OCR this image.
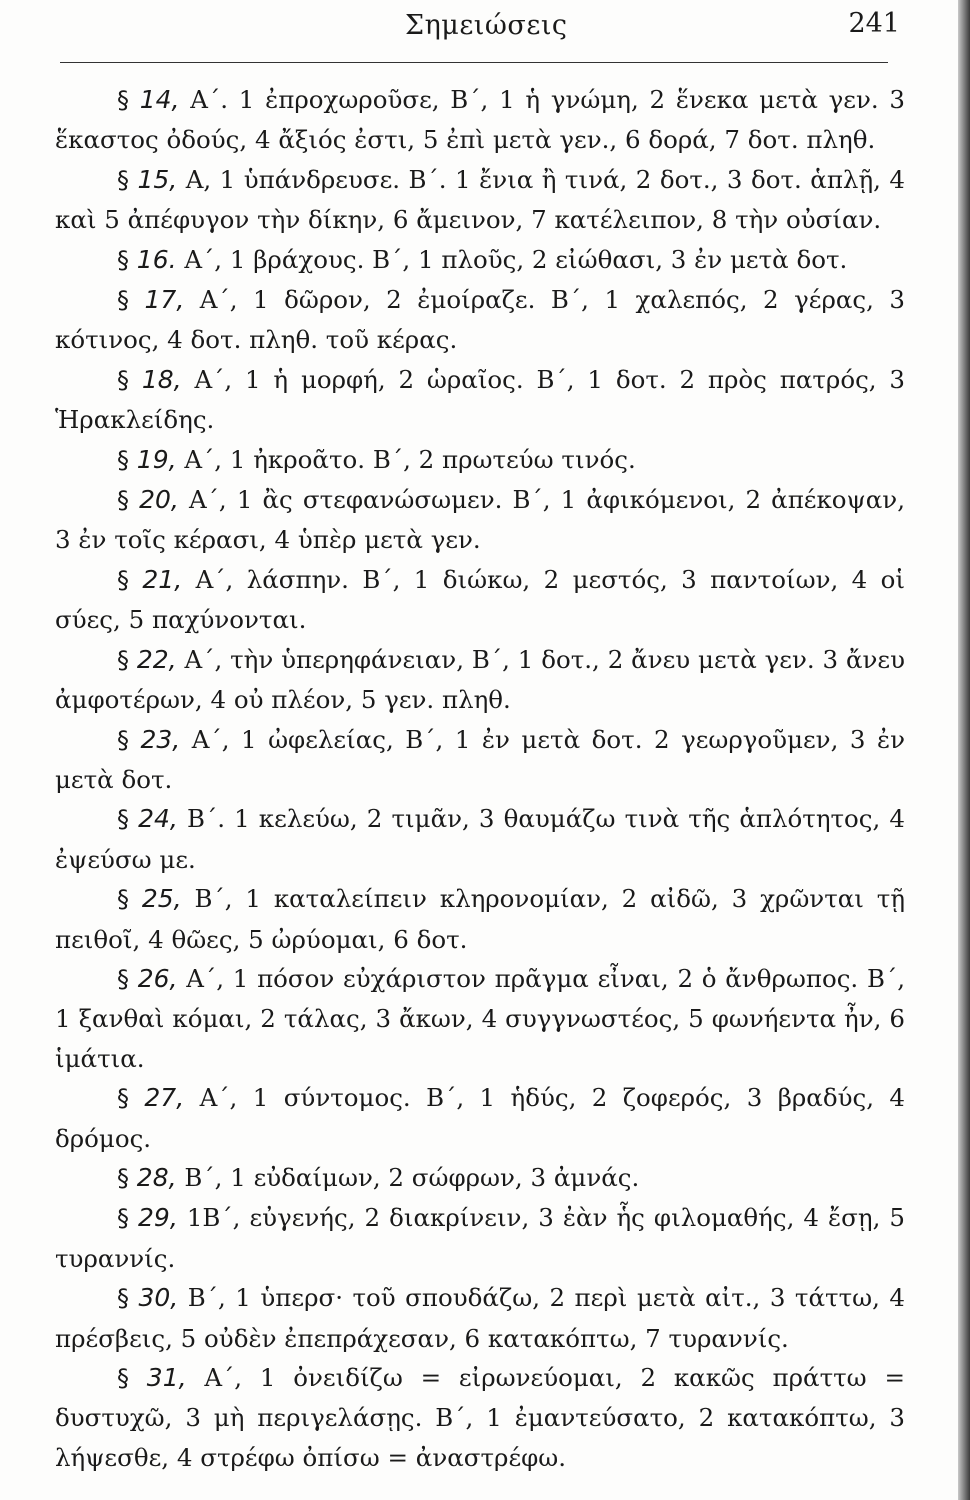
Σημειώσεις	241

§ 14, Α΄. 1 ἐπροχωροῦσε, Β΄, 1 ἡ γνώμη, 2 ἕνεκα μετὰ γεν. 3 ἕκαστος ὀδούς, 4 ἄξιός ἐστι, 5 ἐπὶ μετὰ γεν., 6 δορά, 7 δοτ. πληθ.

§ 15, Α, 1 ὑπάνδρευσε. Β΄. 1 ἔνια ἢ τινά, 2 δοτ., 3 δοτ. ἁπλῇ, 4 καὶ 5 ἀπέφυγον τὴν δίκην, 6 ἄμεινον, 7 κατέλειπον, 8 τὴν οὐσίαν.

§ 16. Α΄, 1 βράχους. Β΄, 1 πλοῦς, 2 εἰώθασι, 3 ἐν μετὰ δοτ.

§ 17, Α΄, 1 δῶρον, 2 ἐμοίραζε. Β΄, 1 χαλεπός, 2 γέρας, 3 κότινος, 4 δοτ. πληθ. τοῦ κέρας.

§ 18, Α΄, 1 ἡ μορφή, 2 ὡραῖος. Β΄, 1 δοτ. 2 πρὸς πατρός, 3 Ἡρακλείδης.

§ 19, Α΄, 1 ἠκροᾶτο. Β΄, 2 πρωτεύω τινός.

§ 20, Α΄, 1 ἂς στεφανώσωμεν. Β΄, 1 ἀφικόμενοι, 2 ἀπέκοψαν, 3 ἐν τοῖς κέρασι, 4 ὑπὲρ μετὰ γεν.

§ 21, Α΄, λάσπην. Β΄, 1 διώκω, 2 μεστός, 3 παντοίων, 4 οἱ σύες, 5 παχύνονται.

§ 22, Α΄, τὴν ὑπερηφάνειαν, Β΄, 1 δοτ., 2 ἄνευ μετὰ γεν. 3 ἄνευ ἀμφοτέρων, 4 οὐ πλέον, 5 γεν. πληθ.

§ 23, Α΄, 1 ὠφελείας, Β΄, 1 ἐν μετὰ δοτ. 2 γεωργοῦμεν, 3 ἐν μετὰ δοτ.

§ 24, Β΄. 1 κελεύω, 2 τιμᾶν, 3 θαυμάζω τινὰ τῆς ἁπλότητος, 4 ἐψεύσω με.

§ 25, Β΄, 1 καταλείπειν κληρονομίαν, 2 αἰδῶ, 3 χρῶνται τῇ πειθοῖ, 4 θῶες, 5 ὠρύομαι, 6 δοτ.

§ 26, Α΄, 1 πόσον εὐχάριστον πρᾶγμα εἶναι, 2 ὁ ἄνθρωπος. Β΄, 1 ξανθαὶ κόμαι, 2 τάλας, 3 ἄκων, 4 συγγνωστέος, 5 φωνήεντα ἦν, 6 ἱμάτια.

§ 27, Α΄, 1 σύντομος. Β΄, 1 ἡδύς, 2 ζοφερός, 3 βραδύς, 4 δρόμος.

§ 28, Β΄, 1 εὐδαίμων, 2 σώφρων, 3 ἀμνάς.

§ 29, 1Β΄, εὐγενής, 2 διακρίνειν, 3 ἐὰν ἧς φιλομαθής, 4 ἔσῃ, 5 τυραννίς.

§ 30, Β΄, 1 ὑπερσ· τοῦ σπουδάζω, 2 περὶ μετὰ αἰτ., 3 τάττω, 4 πρέσβεις, 5 οὐδὲν ἐπεπράχεσαν, 6 κατακόπτω, 7 τυραννίς.

§ 31, Α΄, 1 ὀνειδίζω = εἰρωνεύομαι, 2 κακῶς πράττω = δυστυχῶ, 3 μὴ περιγελάσῃς. Β΄, 1 ἐμαντεύσατο, 2 κατακόπτω, 3 λήψεσθε, 4 στρέφω ὀπίσω = ἀναστρέφω.
